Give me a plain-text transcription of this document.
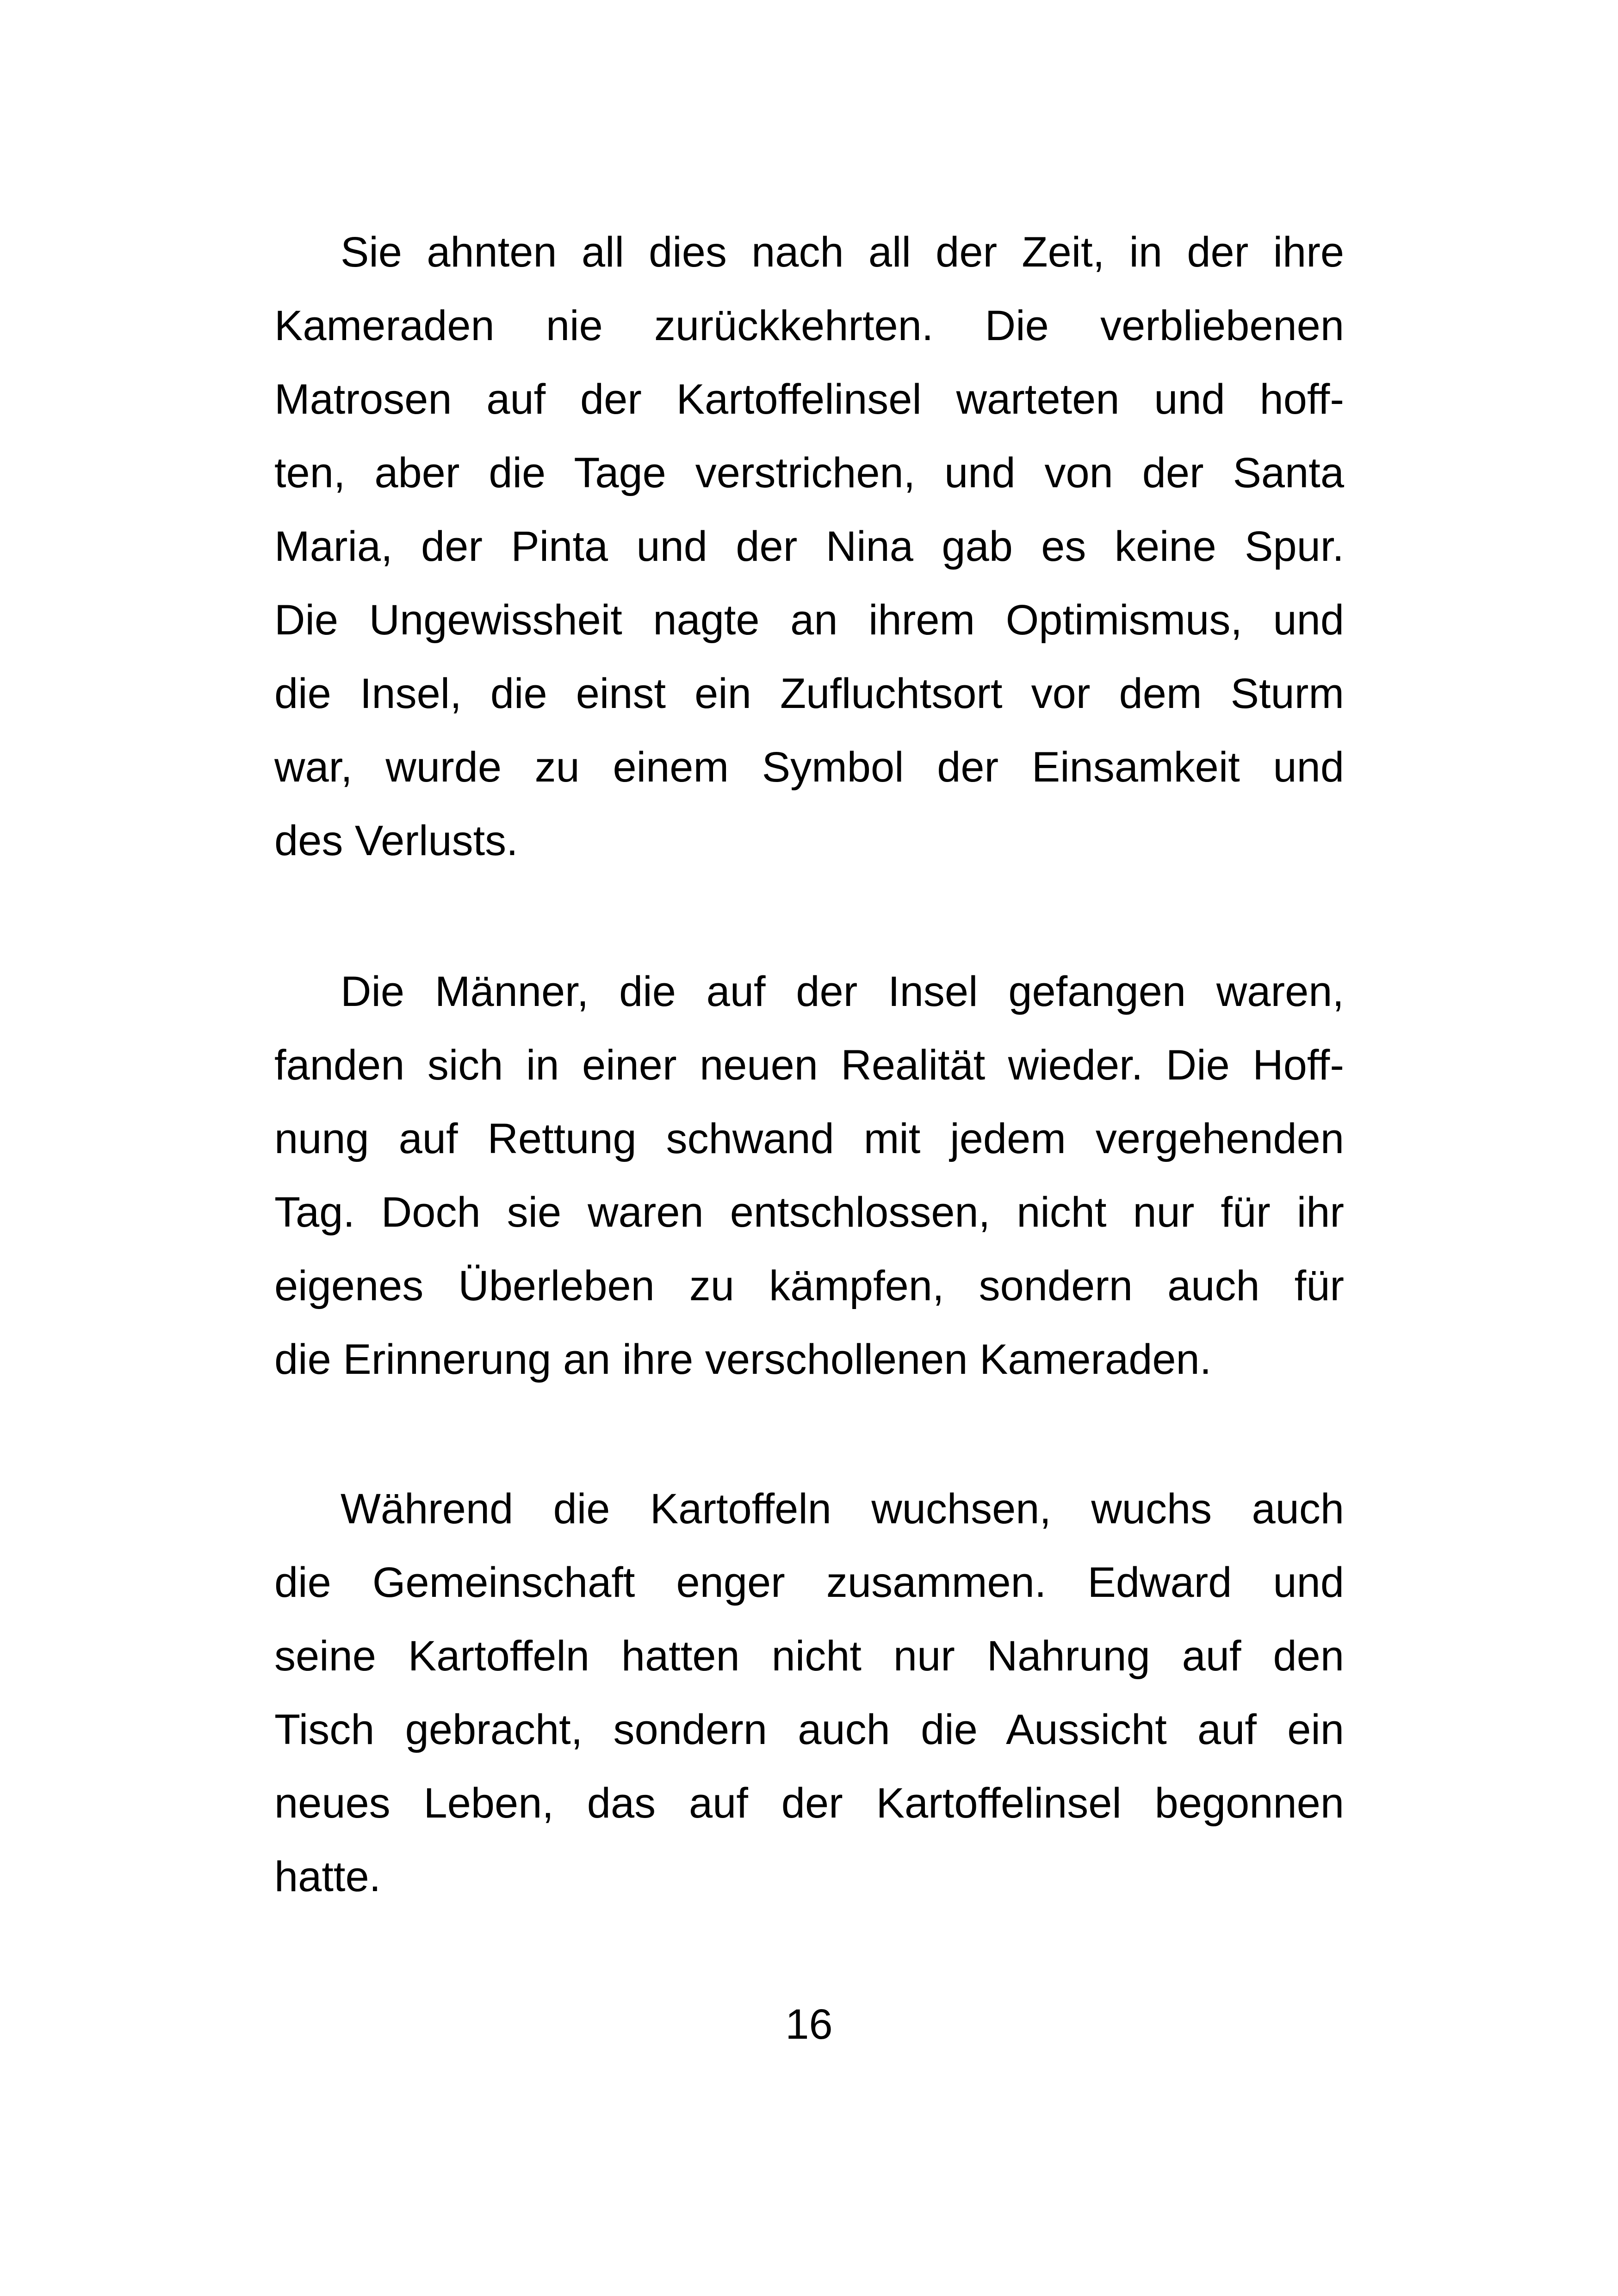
Sie ahnten all dies nach all der Zeit, in der ihre
Kameraden nie zurückkehrten. Die verbliebenen
Matrosen auf der Kartoffelinsel warteten und hoff-
ten, aber die Tage verstrichen, und von der Santa
Maria, der Pinta und der Nina gab es keine Spur.
Die Ungewissheit nagte an ihrem Optimismus, und
die Insel, die einst ein Zufluchtsort vor dem Sturm
war, wurde zu einem Symbol der Einsamkeit und
des Verlusts.
Die Männer, die auf der Insel gefangen waren,
fanden sich in einer neuen Realität wieder. Die Hoff-
nung auf Rettung schwand mit jedem vergehenden
Tag. Doch sie waren entschlossen, nicht nur für ihr
eigenes Überleben zu kämpfen, sondern auch für
die Erinnerung an ihre verschollenen Kameraden.
Während die Kartoffeln wuchsen, wuchs auch
die Gemeinschaft enger zusammen. Edward und
seine Kartoffeln hatten nicht nur Nahrung auf den
Tisch gebracht, sondern auch die Aussicht auf ein
neues Leben, das auf der Kartoffelinsel begonnen
hatte.
16
